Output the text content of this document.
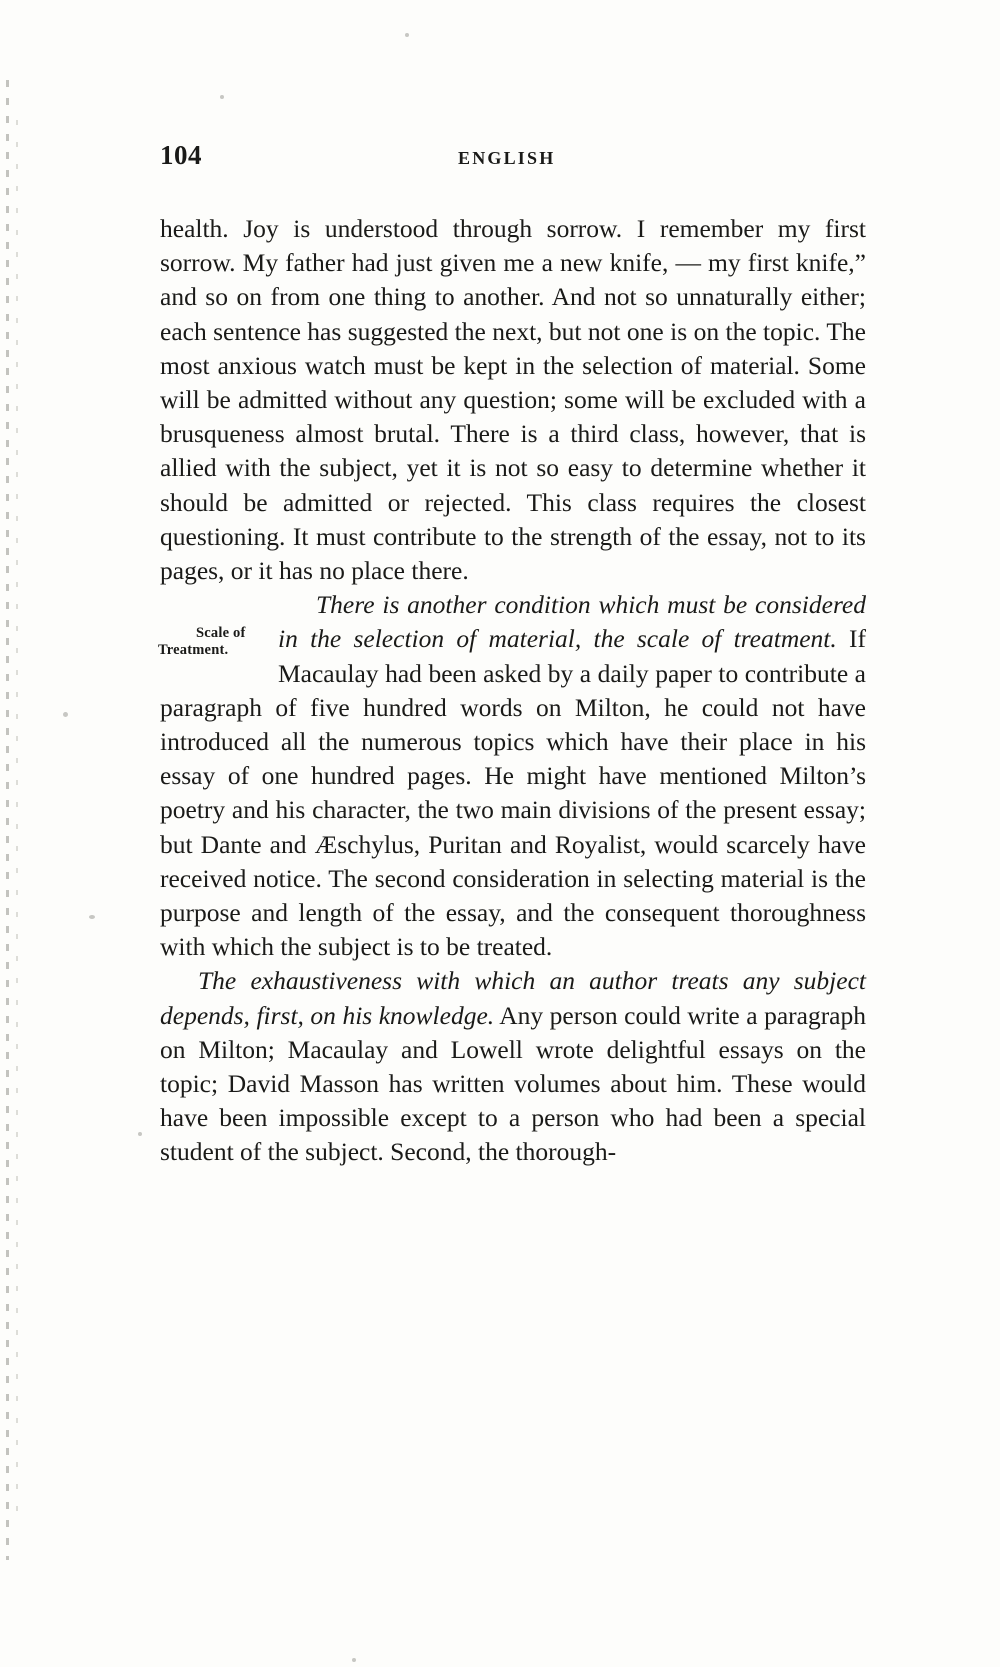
104	ENGLISH

health. Joy is understood through sorrow. I remember my first sorrow. My father had just given me a new knife, — my first knife,” and so on from one thing to another. And not so unnaturally either; each sentence has suggested the next, but not one is on the topic. The most anxious watch must be kept in the selection of material. Some will be admitted without any question; some will be excluded with a brusqueness almost brutal. There is a third class, however, that is allied with the subject, yet it is not so easy to determine whether it should be admitted or rejected. This class requires the closest questioning. It must contribute to the strength of the essay, not to its pages, or it has no place there.

Scale of
Treatment.
There is another condition which must be considered in the selection of material, the scale of treatment. If Macaulay had been asked by a daily paper to contribute a paragraph of five hundred words on Milton, he could not have introduced all the numerous topics which have their place in his essay of one hundred pages. He might have mentioned Milton’s poetry and his character, the two main divisions of the present essay; but Dante and Æschylus, Puritan and Royalist, would scarcely have received notice. The second consideration in selecting material is the purpose and length of the essay, and the consequent thoroughness with which the subject is to be treated.

The exhaustiveness with which an author treats any subject depends, first, on his knowledge. Any person could write a paragraph on Milton; Macaulay and Lowell wrote delightful essays on the topic; David Masson has written volumes about him. These would have been impossible except to a person who had been a special student of the subject. Second, the thorough-
